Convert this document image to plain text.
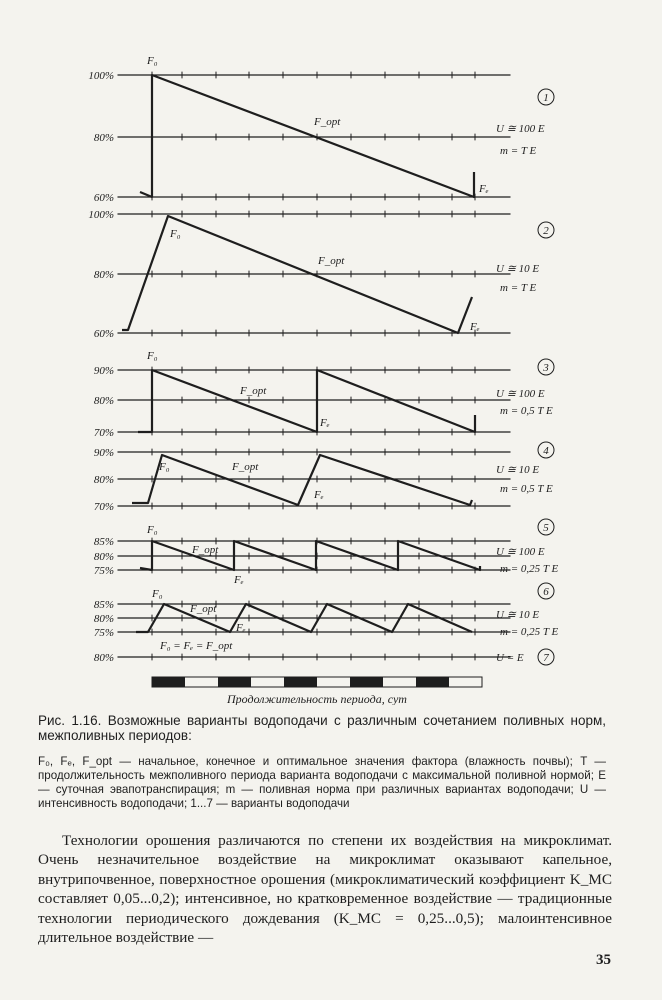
100%
80%
60%
U ≅ 100 E
m = T E
1
100%
80%
60%
U ≅ 10 E
m = T E
2
90%
80%
70%
U ≅ 100 E
m = 0,5 T E
3
90%
80%
70%
U ≅ 10 E
m = 0,5 T E
4
85%
80%
75%
U ≅ 100 E
m = 0,25 T E
5
85%
80%
75%
U ≅ 10 E
m = 0,25 T E
6
80%	U = E 7
F₀
F_opt
Fₑ
F₀
F_opt
Fₑ
F₀
F_opt
Fₑ
F₀	F_opt
Fₑ
F₀
F_opt
Fₑ
F₀
F_opt
Fₑ
F₀ = Fₑ = F_opt
Продолжительность периода, сут
Рис. 1.16. Возможные варианты водоподачи с различным сочетанием поливных норм, межполивных периодов:
F₀, Fₑ, F_opt — начальное, конечное и оптимальное значения фактора (влажность почвы); T — продолжительность межполивного периода варианта водоподачи с максимальной поливной нормой; E — суточная эвапотранспирация; m — поливная норма при различных вариантах водоподачи; U — интенсивность водоподачи; 1...7 — варианты водоподачи

Технологии орошения различаются по степени их воздействия на микроклимат. Очень незначительное воздействие на микроклимат оказывают капельное, внутрипочвенное, поверхностное орошения (микроклиматический коэффициент K_MC составляет 0,05...0,2); интенсивное, но кратковременное воздействие — традиционные технологии периодического дождевания (K_MC = 0,25...0,5); малоинтенсивное длительное воздействие —

35
